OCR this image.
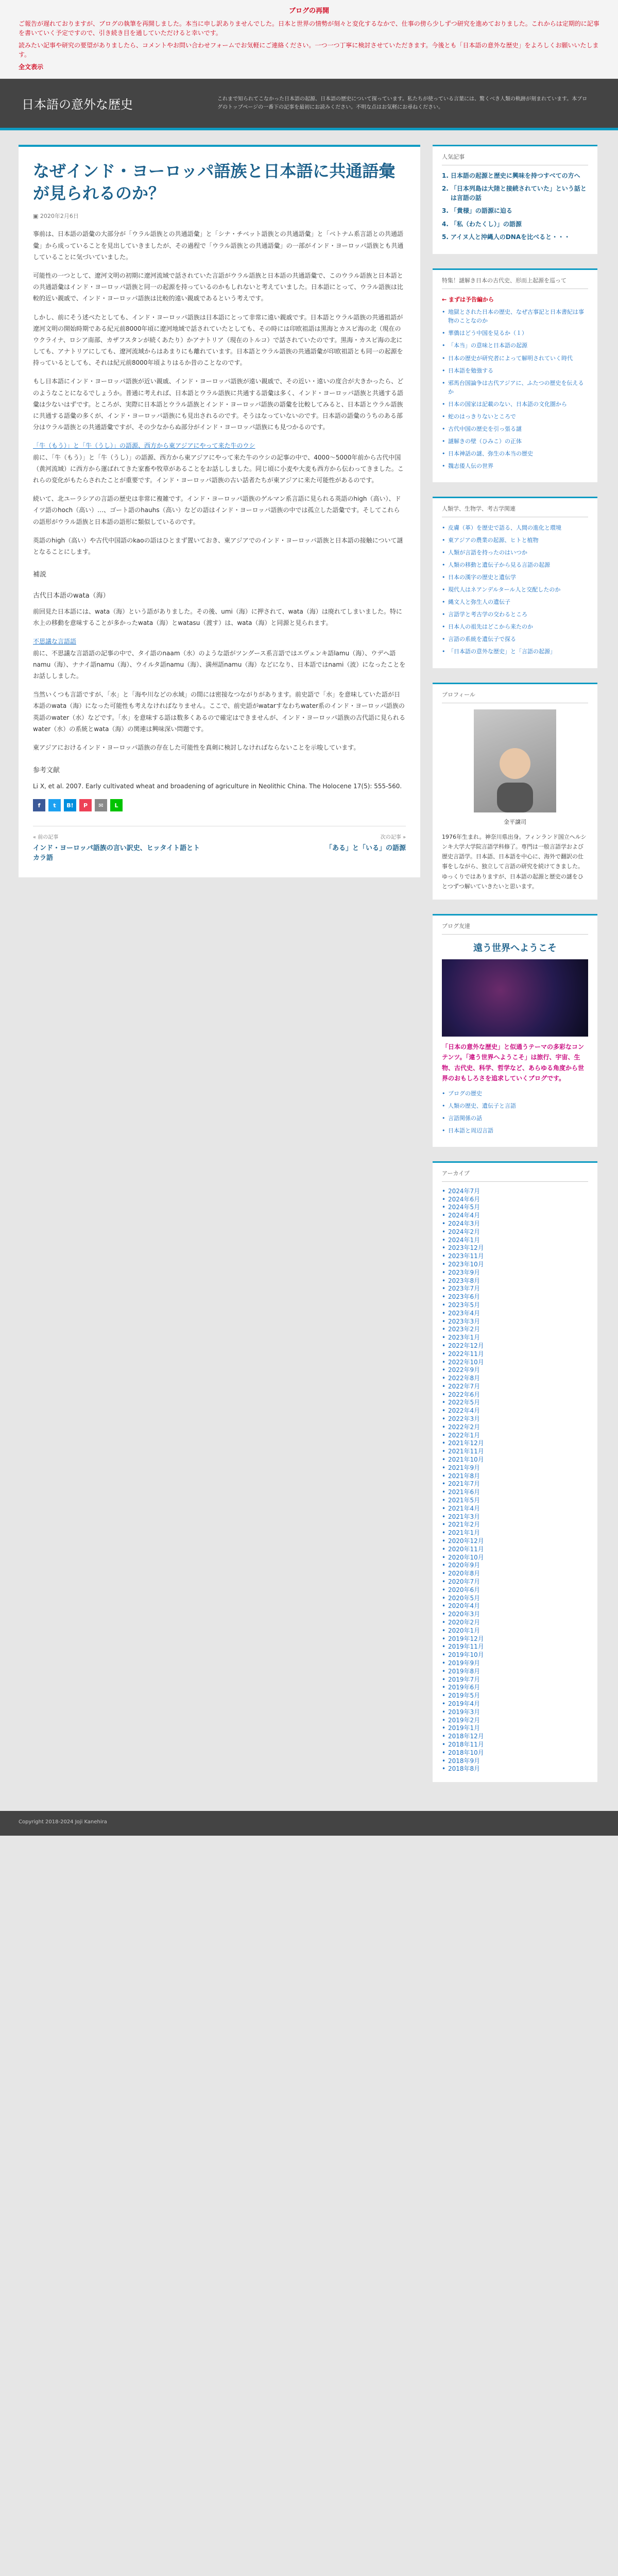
ブログの再開

ご報告が遅れておりますが、ブログの執筆を再開しました。本当に申し訳ありませんでした。日本と世界の情勢が刻々と変化するなかで、仕事の傍ら少しずつ研究を進めておりました。これからは定期的に記事を書いていく予定ですので、引き続き目を通していただけると幸いです。

読みたい記事や研究の要望がありましたら、コメントやお問い合わせフォームでお気軽にご連絡ください。一つ一つ丁寧に検討させていただきます。今後とも「日本語の意外な歴史」をよろしくお願いいたします。

全文表示
日本語の意外な歴史	これまで知られてこなかった日本語の起源、日本語の歴史について探っています。私たちが使っている言葉には、驚くべき人類の軌跡が刻まれています。本ブログのトップページの一番下の記事を最初にお読みください。不明な点はお気軽にお尋ねください。
なぜインド・ヨーロッパ語族と日本語に共通語彙が見られるのか？
▣ 2020年2月6日

事前は、日本語の語彙の大部分が「ウラル語族との共通語彙」と「シナ・チベット語族との共通語彙」と「ベトナム系言語との共通語彙」から成っていることを見出していきましたが、その過程で「ウラル語族との共通語彙」の一部がインド・ヨーロッパ語族とも共通していることに気づいていました。

可能性の一つとして、遼河文明の初期に遼河流域で話されていた言語がウラル語族と日本語の共通語彙で、このウラル語族と日本語との共通語彙はインド・ヨーロッパ語族と同一の起源を持っているのかもしれないと考えていました。日本語にとって、ウラル語族は比較的近い親戚で、インド・ヨーロッパ語族は比較的遠い親戚であるという考えです。

しかし、前にそう述べたとしても、インド・ヨーロッパ語族は日本語にとって非常に遠い親戚です。日本語とウラル語族の共通祖語が遼河文明の開始時期である紀元前8000年頃に遼河地域で話されていたとしても、その時には印欧祖語は黒海とカスピ海の北（現在のウクライナ、ロシア南部、カザフスタンが続くあたり）かアナトリア（現在のトルコ）で話されていたのです。黒海・カスピ海の北にしても、アナトリアにしても、遼河流域からはあまりにも離れています。日本語とウラル語族の共通語彙が印欧祖語とも同一の起源を持っているとしても、それは紀元前8000年頃よりはるか昔のことなのです。

もし日本語にインド・ヨーロッパ語族が近い親戚、インド・ヨーロッパ語族が遠い親戚で、その近い・遠いの度合が大きかったら、どのようなことになるでしょうか。普通に考えれば、日本語とウラル語族に共通する語彙は多く、インド・ヨーロッパ語族と共通する語彙は少ないはずです。ところが、実際に日本語とウラル語族とインド・ヨーロッパ語族の語彙を比較してみると、日本語とウラル語族に共通する語彙の多くが、インド・ヨーロッパ語族にも見出されるのです。そうはなっていないのです。日本語の語彙のうちのある部分はウラル語族との共通語彙ですが、その少なからぬ部分がインド・ヨーロッパ語族にも見つかるのです。

「牛（もう）」と「牛（うし）」の語源、西方から東アジアにやって来た牛のウシ
前に、「牛（もう）」と「牛（うし）」の語源、西方から東アジアにやって来た牛のウシの記事の中で、4000〜5000年前から古代中国（黄河流域）に西方から運ばれてきた家畜や牧草があることをお話ししました。同じ頃に小麦や大麦も西方から伝わってきました。これらの変化がもたらされたことが重要です。インド・ヨーロッパ語族の古い話者たちが東アジアに来た可能性があるのです。

続いて、北ユーラシアの言語の歴史は非常に複雑です。インド・ヨーロッパ語族のゲルマン系言語に見られる英語のhigh（高い）、ドイツ語のhoch（高い）…、ゴート語のhauhs（高い）などの語はインド・ヨーロッパ語族の中では孤立した語彙です。そしてこれらの語形がウラル語族と日本語の語形に類似しているのです。

英語のhigh（高い）や古代中国語のkaoの語はひとまず置いておき、東アジアでのインド・ヨーロッパ語族と日本語の接触について謎となることにします。

補説
古代日本語のwata（海）

前回見た日本語には、wata（海）という語がありました。その後、umi（海）に押されて、wata（海）は廃れてしまいました。特に水上の移動を意味することが多かったwata（海）とwatasu（渡す）は、wata（海）と同源と見られます。

不思議な言語語
前に、不思議な言語語の記事の中で、タイ語のnaam（水）のような語がツングース系言語ではエヴェンキ語lamu（海）、ウデヘ語namu（海）、ナナイ語namu（海）、ウイルタ語namu（海）、満州語namu（海）などになり、日本語ではnami（波）になったことをお話ししました。

当然いくつも言語ですが、「水」と「海や川などの水域」の間には密接なつながりがあります。前史語で「水」を意味していた語が日本語のwata（海）になった可能性も考えなければなりません。ここで、前史語がwatarすなわちwater系のインド・ヨーロッパ語族の英語のwater（水）などです。「水」を意味する語は数多くあるので確定はできませんが、インド・ヨーロッパ語族の古代語に見られるwater（水）の系統とwata（海）の関連は興味深い問題です。

東アジアにおけるインド・ヨーロッパ語族の存在した可能性を真剣に検討しなければならないことを示唆しています。

参考文献

Li X, et al. 2007. Early cultivated wheat and broadening of agriculture in Neolithic China. The Holocene 17(5): 555-560.

f	t	B!	P	✉	L
« 前の記事
インド・ヨーロッパ語族の言い訳史、ヒッタイト語とトカラ語
次の記事 »
「ある」と「いる」の語源
人気記事
1. 日本語の起源と歴史に興味を持つすべての方へ
2. 「日本列島は大陸と接続されていた」という話とは言語の話
3. 「貴様」の語源に迫る
4. 「私（わたくし）」の語源
5. アイヌ人と沖縄人のDNAを比べると・・・
特集！謎解き日本の古代史、形而上起源を巡って
← まずは予告編から
• 地獄とされた日本の歴史、なぜ古事記と日本書紀は事物のことなのか
• 華僑はどう中国を見るか（１）
• 「本当」の意味と日本語の起源
• 日本の歴史が研究者によって解明されていく時代
• 日本語を勉強する
• 邪馬台国論争は古代アジアに、ふたつの歴史を伝えるか
• 日本の国家は記載のない、日本語の文化圏から
• 蛇のはっきりないところで
• 古代中国の歴史を引っ張る謎
• 謎解きの壁（ひみこ）の正体
• 日本神話の謎、弥生の本当の歴史
• 魏志倭人伝の世界
人類学、生物学、考古学関連
• 皮膚（革）を歴史で語る、人間の進化と環境
• 東アジアの農業の起源、ヒトと植物
• 人類が言語を持ったのはいつか
• 人類の移動と遺伝子から見る言語の起源
• 日本の漢字の歴史と遺伝学
• 現代人はネアンデルタール人と交配したのか
• 縄文人と弥生人の遺伝子
• 言語学と考古学の交わるところ
• 日本人の祖先はどこから来たのか
• 言語の系統を遺伝子で探る
• 「日本語の意外な歴史」と「言語の起源」
プロフィール
金平譲司
1976年生まれ。神奈川県出身。フィンランド国立ヘルシンキ大学大学院言語学科修了。専門は一般言語学および歴史言語学。日本語、日本語を中心に、海外で翻訳の仕事をしながら、独立して言語の研究を続けてきました。ゆっくりではありますが、日本語の起源と歴史の謎をひとつずつ解いていきたいと思います。
ブログ友達
遠う世界へようこそ
「日本の意外な歴史」と似通うテーマの多彩なコンテンツ。「違う世界へようこそ」は旅行、宇宙、生物、古代史、科学、哲学など、あらゆる角度から世界のおもしろさを追求していくブログです。
• ブログの歴史
• 人類の歴史、遺伝子と言語
• 言語関係の話
• 日本語と周辺言語
アーカイブ
• 2024年7月
• 2024年6月
• 2024年5月
• 2024年4月
• 2024年3月
• 2024年2月
• 2024年1月
• 2023年12月
• 2023年11月
• 2023年10月
• 2023年9月
• 2023年8月
• 2023年7月
• 2023年6月
• 2023年5月
• 2023年4月
• 2023年3月
• 2023年2月
• 2023年1月
• 2022年12月
• 2022年11月
• 2022年10月
• 2022年9月
• 2022年8月
• 2022年7月
• 2022年6月
• 2022年5月
• 2022年4月
• 2022年3月
• 2022年2月
• 2022年1月
• 2021年12月
• 2021年11月
• 2021年10月
• 2021年9月
• 2021年8月
• 2021年7月
• 2021年6月
• 2021年5月
• 2021年4月
• 2021年3月
• 2021年2月
• 2021年1月
• 2020年12月
• 2020年11月
• 2020年10月
• 2020年9月
• 2020年8月
• 2020年7月
• 2020年6月
• 2020年5月
• 2020年4月
• 2020年3月
• 2020年2月
• 2020年1月
• 2019年12月
• 2019年11月
• 2019年10月
• 2019年9月
• 2019年8月
• 2019年7月
• 2019年6月
• 2019年5月
• 2019年4月
• 2019年3月
• 2019年2月
• 2019年1月
• 2018年12月
• 2018年11月
• 2018年10月
• 2018年9月
• 2018年8月
Copyright 2018-2024 Joji Kanehira
